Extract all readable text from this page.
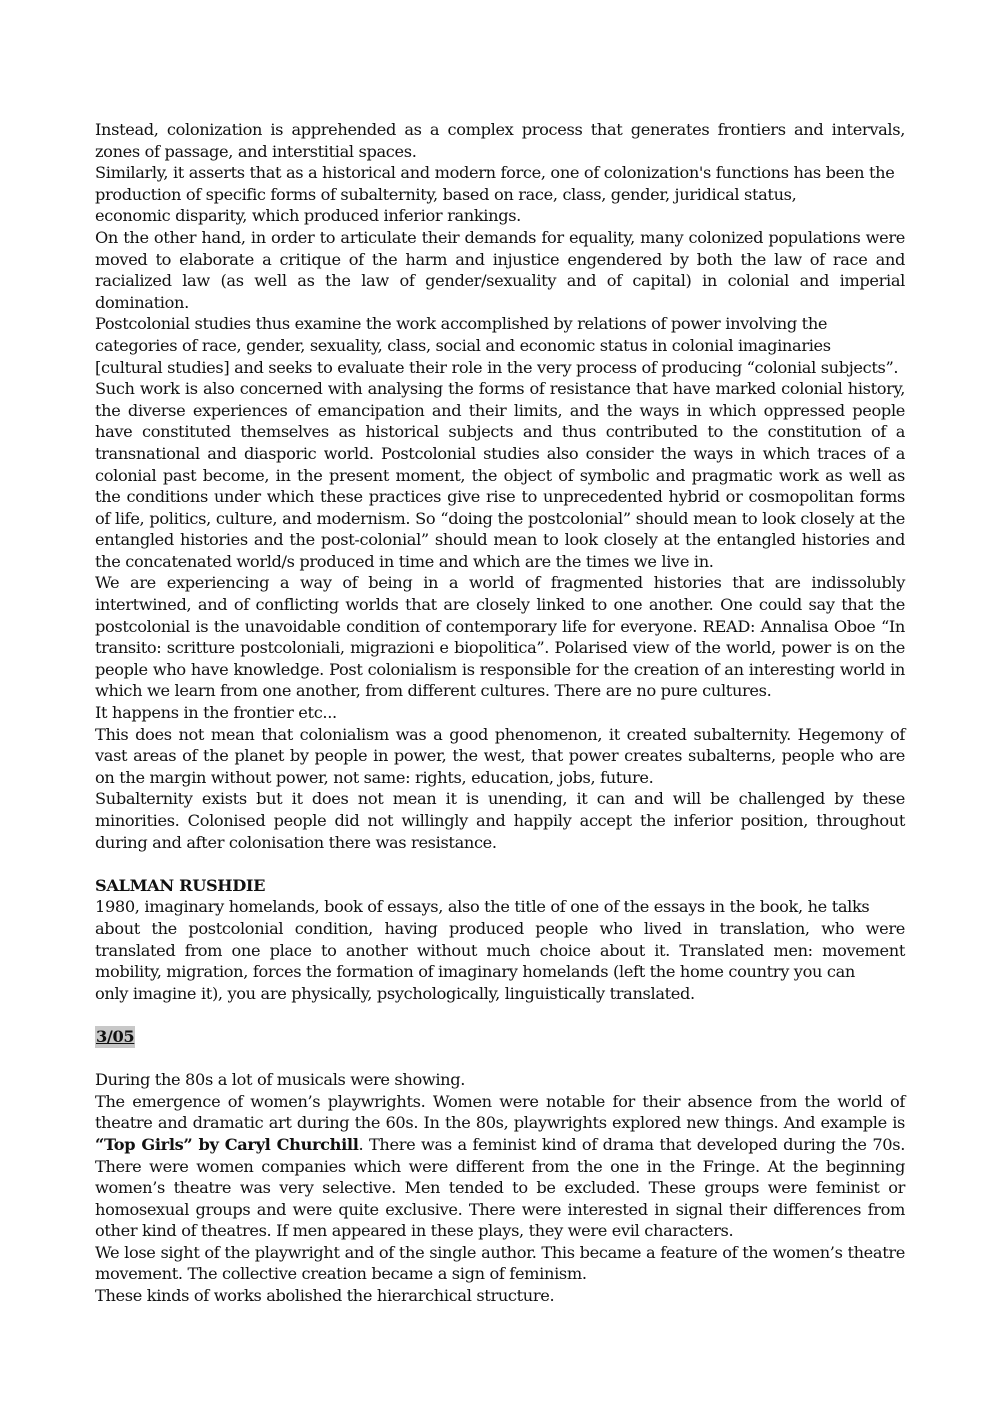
Instead, colonization is apprehended as a complex process that generates frontiers and intervals, zones of passage, and interstitial spaces.

Similarly, it asserts that as a historical and modern force, one of colonization's functions has been the production of specific forms of subalternity, based on race, class, gender, juridical status,

economic disparity, which produced inferior rankings.

On the other hand, in order to articulate their demands for equality, many colonized populations were moved to elaborate a critique of the harm and injustice engendered by both the law of race and racialized law (as well as the law of gender/sexuality and of capital) in colonial and imperial domination.

Postcolonial studies thus examine the work accomplished by relations of power involving the

categories of race, gender, sexuality, class, social and economic status in colonial imaginaries

[cultural studies] and seeks to evaluate their role in the very process of producing “colonial subjects”.

Such work is also concerned with analysing the forms of resistance that have marked colonial history, the diverse experiences of emancipation and their limits, and the ways in which oppressed people have constituted themselves as historical subjects and thus contributed to the constitution of a transnational and diasporic world. Postcolonial studies also consider the ways in which traces of a colonial past become, in the present moment, the object of symbolic and pragmatic work as well as the conditions under which these practices give rise to unprecedented hybrid or cosmopolitan forms of life, politics, culture, and modernism. So “doing the postcolonial” should mean to look closely at the entangled histories and the post-colonial” should mean to look closely at the entangled histories and the concatenated world/s produced in time and which are the times we live in.

We are experiencing a way of being in a world of fragmented histories that are indissolubly intertwined, and of conflicting worlds that are closely linked to one another. One could say that the postcolonial is the unavoidable condition of contemporary life for everyone. READ: Annalisa Oboe “In transito: scritture postcoloniali, migrazioni e biopolitica”. Polarised view of the world, power is on the people who have knowledge. Post colonialism is responsible for the creation of an interesting world in which we learn from one another, from different cultures. There are no pure cultures.

It happens in the frontier etc...

This does not mean that colonialism was a good phenomenon, it created subalternity. Hegemony of vast areas of the planet by people in power, the west, that power creates subalterns, people who are on the margin without power, not same: rights, education, jobs, future.

Subalternity exists but it does not mean it is unending, it can and will be challenged by these minorities. Colonised people did not willingly and happily accept the inferior position, throughout during and after colonisation there was resistance.

SALMAN RUSHDIE

1980, imaginary homelands, book of essays, also the title of one of the essays in the book, he talks

about the postcolonial condition, having produced people who lived in translation, who were translated from one place to another without much choice about it. Translated men: movement mobility, migration, forces the formation of imaginary homelands (left the home country you can

only imagine it), you are physically, psychologically, linguistically translated.

3/05

During the 80s a lot of musicals were showing.

The emergence of women’s playwrights. Women were notable for their absence from the world of theatre and dramatic art during the 60s. In the 80s, playwrights explored new things. And example is “Top Girls” by Caryl Churchill. There was a feminist kind of drama that developed during the 70s. There were women companies which were different from the one in the Fringe. At the beginning women’s theatre was very selective. Men tended to be excluded. These groups were feminist or homosexual groups and were quite exclusive. There were interested in signal their differences from other kind of theatres. If men appeared in these plays, they were evil characters.

We lose sight of the playwright and of the single author. This became a feature of the women’s theatre movement. The collective creation became a sign of feminism.

These kinds of works abolished the hierarchical structure.
